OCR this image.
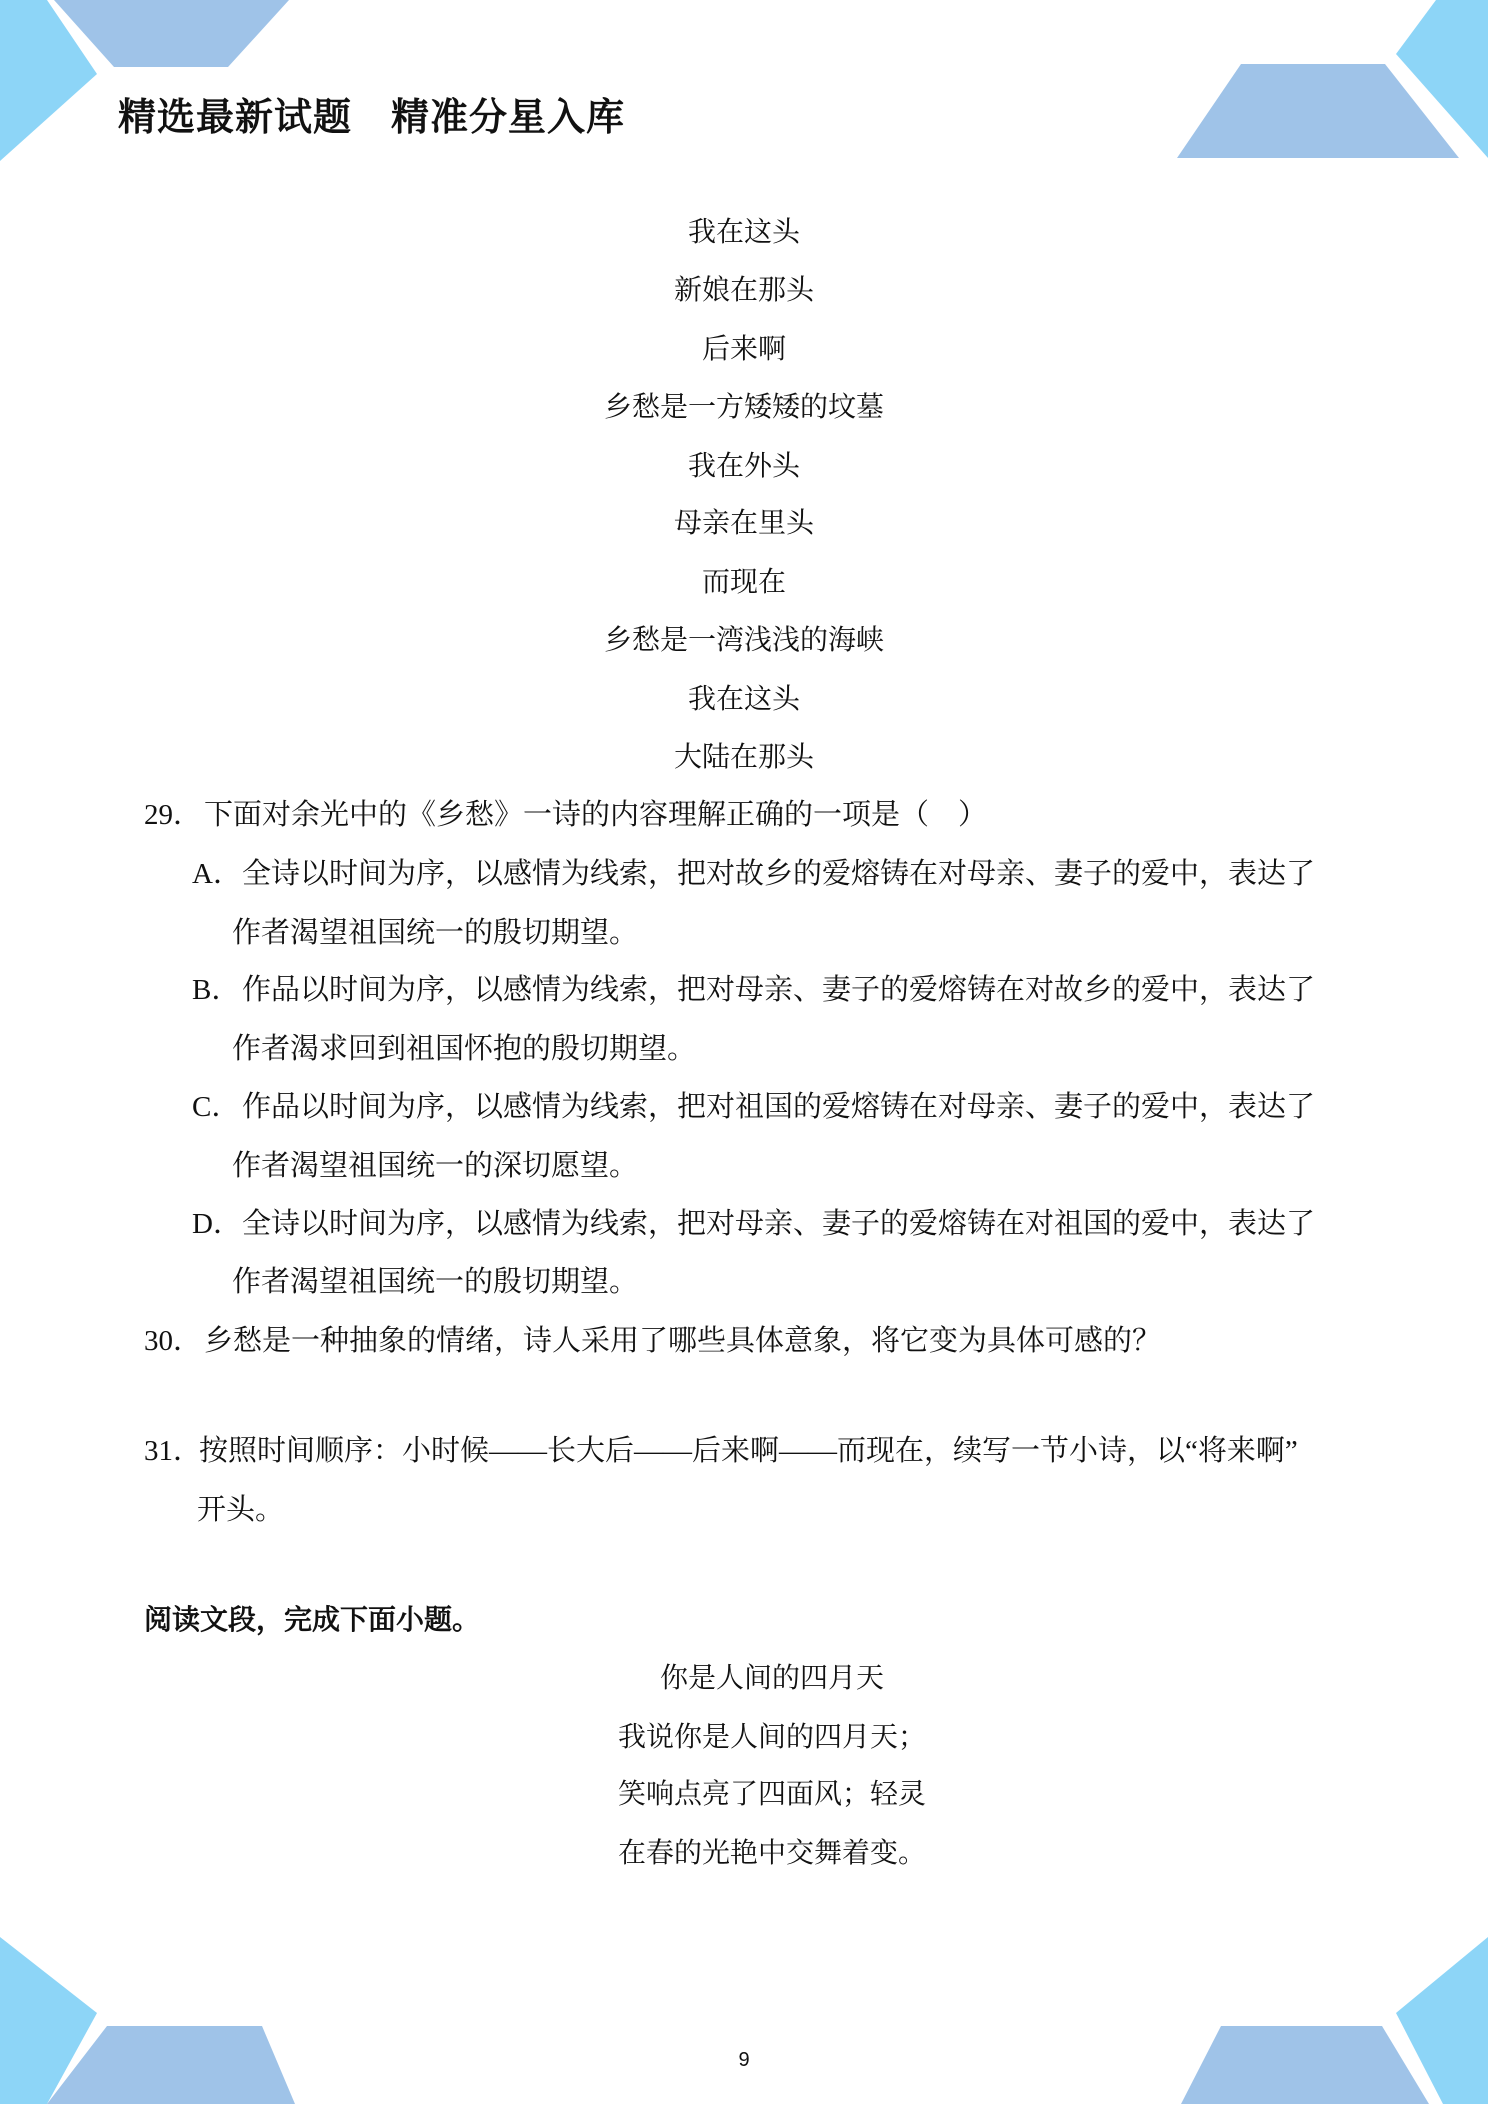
精选最新试题　精准分星入库
我在这头
新娘在那头
后来啊
乡愁是一方矮矮的坟墓
我在外头
母亲在里头
而现在
乡愁是一湾浅浅的海峡
我在这头
大陆在那头
29．下面对余光中的《乡愁》一诗的内容理解正确的一项是（　）
A．全诗以时间为序，以感情为线索，把对故乡的爱熔铸在对母亲、妻子的爱中，表达了
作者渴望祖国统一的殷切期望。
B．作品以时间为序，以感情为线索，把对母亲、妻子的爱熔铸在对故乡的爱中，表达了
作者渴求回到祖国怀抱的殷切期望。
C．作品以时间为序，以感情为线索，把对祖国的爱熔铸在对母亲、妻子的爱中，表达了
作者渴望祖国统一的深切愿望。
D．全诗以时间为序，以感情为线索，把对母亲、妻子的爱熔铸在对祖国的爱中，表达了
作者渴望祖国统一的殷切期望。
30．乡愁是一种抽象的情绪，诗人采用了哪些具体意象，将它变为具体可感的？
31．按照时间顺序：小时候——长大后——后来啊——而现在，续写一节小诗，以“将来啊”
开头。
阅读文段，完成下面小题。
你是人间的四月天
我说你是人间的四月天；
笑响点亮了四面风；轻灵
在春的光艳中交舞着变。
9
